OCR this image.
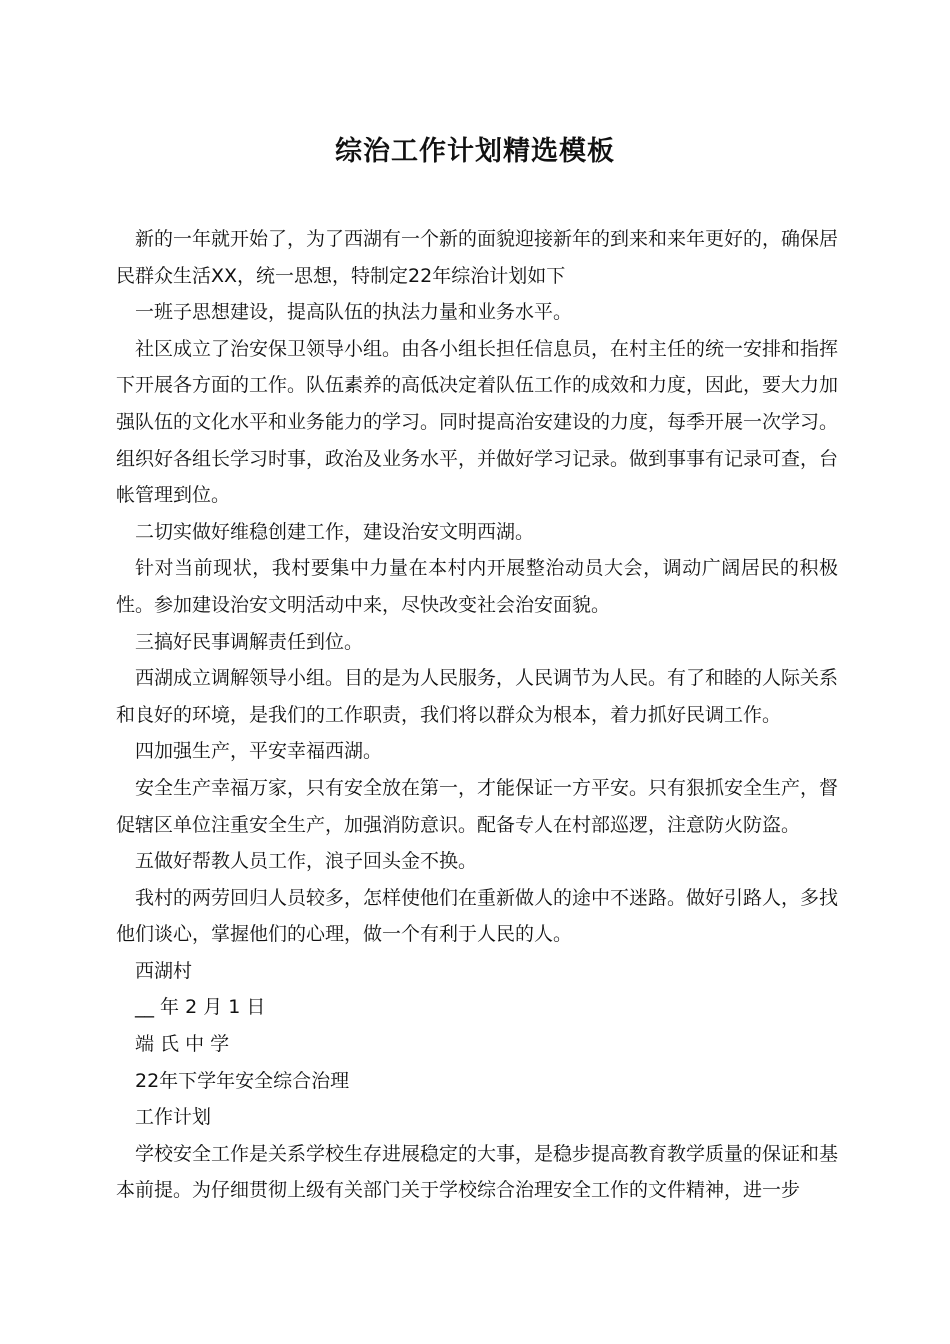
综治工作计划精选模板

新的一年就开始了，为了西湖有一个新的面貌迎接新年的到来和来年更好的，确保居民群众生活XX，统一思想，特制定22年综治计划如下

一班子思想建设，提高队伍的执法力量和业务水平。

社区成立了治安保卫领导小组。由各小组长担任信息员，在村主任的统一安排和指挥下开展各方面的工作。队伍素养的高低决定着队伍工作的成效和力度，因此，要大力加强队伍的文化水平和业务能力的学习。同时提高治安建设的力度，每季开展一次学习。组织好各组长学习时事，政治及业务水平，并做好学习记录。做到事事有记录可查，台帐管理到位。

二切实做好维稳创建工作，建设治安文明西湖。

针对当前现状，我村要集中力量在本村内开展整治动员大会，调动广阔居民的积极性。参加建设治安文明活动中来，尽快改变社会治安面貌。

三搞好民事调解责任到位。

西湖成立调解领导小组。目的是为人民服务，人民调节为人民。有了和睦的人际关系和良好的环境，是我们的工作职责，我们将以群众为根本，着力抓好民调工作。

四加强生产，平安幸福西湖。

安全生产幸福万家，只有安全放在第一，才能保证一方平安。只有狠抓安全生产，督促辖区单位注重安全生产，加强消防意识。配备专人在村部巡逻，注意防火防盗。

五做好帮教人员工作，浪子回头金不换。

我村的两劳回归人员较多，怎样使他们在重新做人的途中不迷路。做好引路人，多找他们谈心，掌握他们的心理，做一个有利于人民的人。

西湖村

__ 年 2 月 1 日

端 氏 中 学

22年下学年安全综合治理

工作计划

学校安全工作是关系学校生存进展稳定的大事，是稳步提高教育教学质量的保证和基本前提。为仔细贯彻上级有关部门关于学校综合治理安全工作的文件精神，进一步
